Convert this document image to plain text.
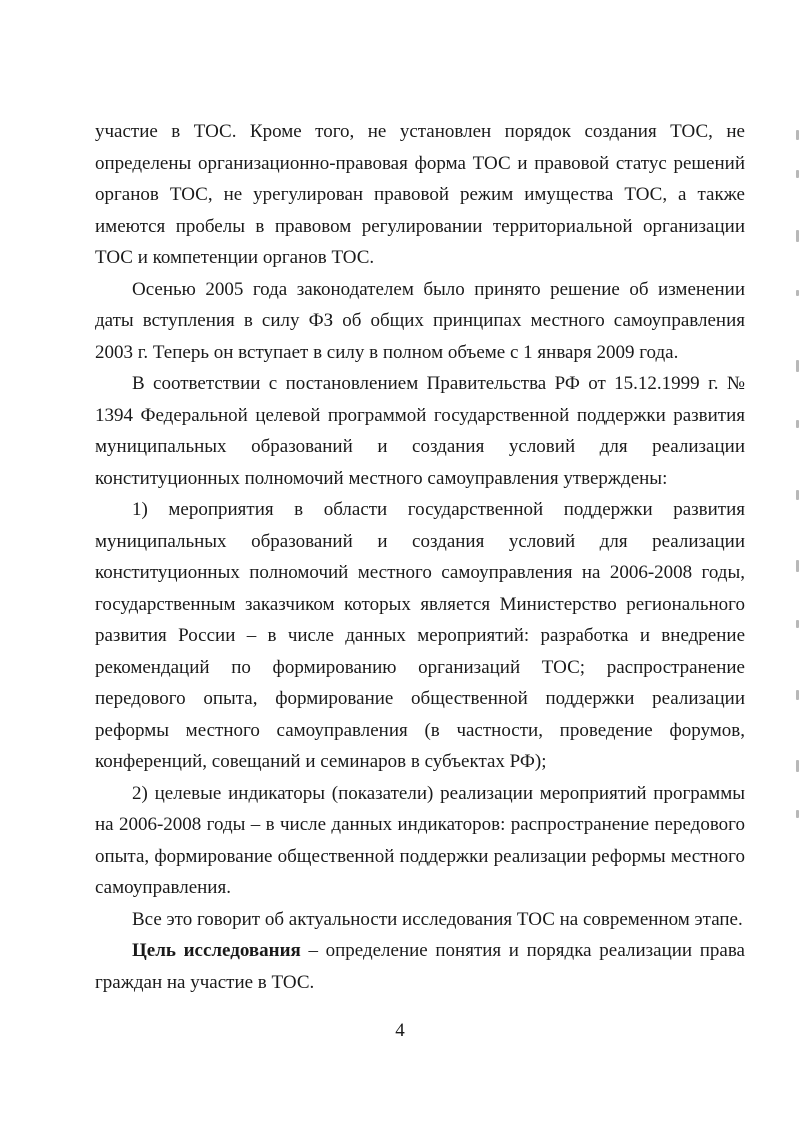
участие в ТОС. Кроме того, не установлен порядок создания ТОС, не определены организационно-правовая форма ТОС и правовой статус решений органов ТОС, не урегулирован правовой режим имущества ТОС, а также имеются пробелы в правовом регулировании территориальной организации ТОС и компетенции органов ТОС.

Осенью 2005 года законодателем было принято решение об изменении даты вступления в силу ФЗ об общих принципах местного самоуправления 2003 г. Теперь он вступает в силу в полном объеме с 1 января 2009 года.

В соответствии с постановлением Правительства РФ от 15.12.1999 г. № 1394 Федеральной целевой программой государственной поддержки развития муниципальных образований и создания условий для реализации конституционных полномочий местного самоуправления утверждены:

1) мероприятия в области государственной поддержки развития муниципальных образований и создания условий для реализации конституционных полномочий местного самоуправления на 2006-2008 годы, государственным заказчиком которых является Министерство регионального развития России – в числе данных мероприятий: разработка и внедрение рекомендаций по формированию организаций ТОС; распространение передового опыта, формирование общественной поддержки реализации реформы местного самоуправления (в частности, проведение форумов, конференций, совещаний и семинаров в субъектах РФ);

2) целевые индикаторы (показатели) реализации мероприятий программы на 2006-2008 годы – в числе данных индикаторов: распространение передового опыта, формирование общественной поддержки реализации реформы местного самоуправления.

Все это говорит об актуальности исследования ТОС на современном этапе.

Цель исследования – определение понятия и порядка реализации права граждан на участие в ТОС.

4
